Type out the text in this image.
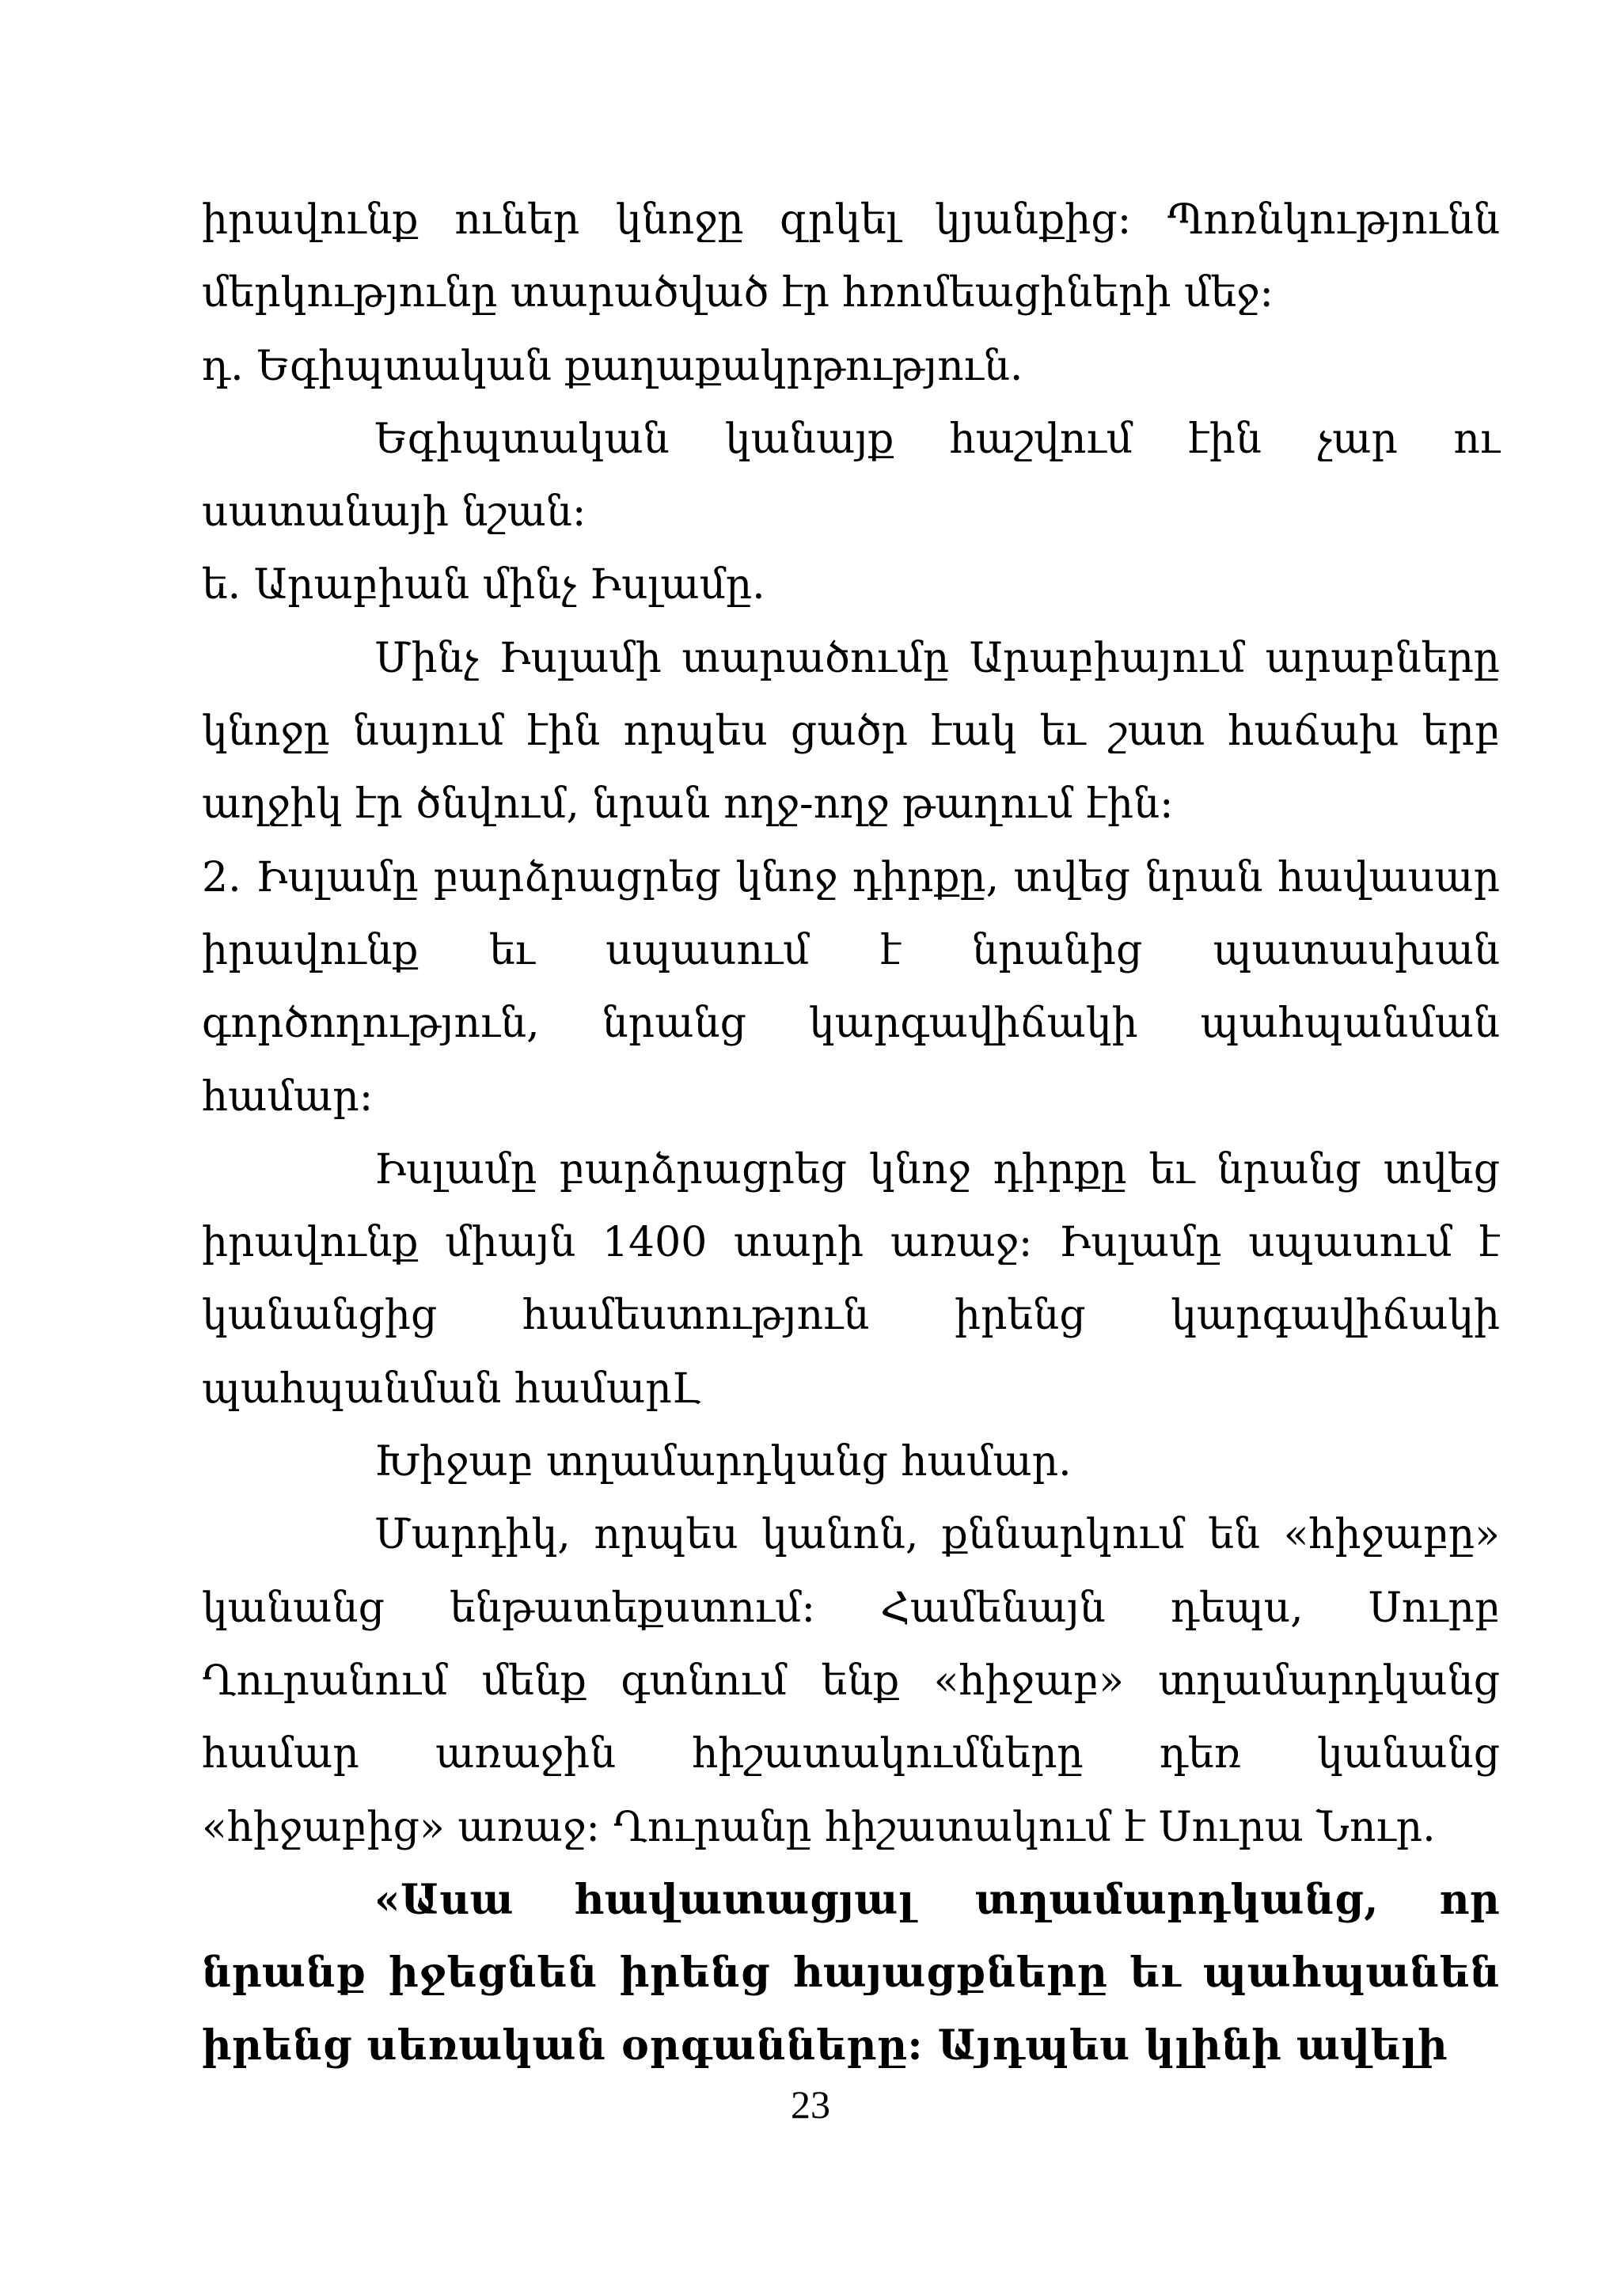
իրավունք ուներ կնոջը զրկել կյանքից: Պոռնկությունն մերկությունը տարածված էր հռոմեացիների մեջ:

դ. Եգիպտական քաղաքակրթություն.

Եգիպտական կանայք հաշվում էին չար ու սատանայի նշան:

ե. Արաբիան մինչ Իսլամը.

Մինչ Իսլամի տարածումը Արաբիայում արաբները կնոջը նայում էին որպես ցածր էակ եւ շատ հաճախ երբ աղջիկ էր ծնվում, նրան ողջ-ողջ թաղում էին:

2. Իսլամը բարձրացրեց կնոջ դիրքը, տվեց նրան հավասար իրավունք եւ սպասում է նրանից պատասխան գործողություն, նրանց կարգավիճակի պահպանման համար:

Իսլամը բարձրացրեց կնոջ դիրքը եւ նրանց տվեց իրավունք միայն 1400 տարի առաջ: Իսլամը սպասում է կանանցից համեստություն իրենց կարգավիճակի պահպանման համարԼ

Խիջաբ տղամարդկանց համար.

Մարդիկ, որպես կանոն, քննարկում են «հիջաբը» կանանց ենթատեքստում: Համենայն դեպս, Սուրբ Ղուրանում մենք գտնում ենք «հիջաբ» տղամարդկանց համար առաջին հիշատակումները դեռ կանանց «հիջաբից» առաջ: Ղուրանը հիշատակում է Սուրա Նուր.

«Ասա հավատացյալ տղամարդկանց, որ նրանք իջեցնեն իրենց հայացքները եւ պահպանեն իրենց սեռական օրգանները: Այդպես կլինի ավելի

23
